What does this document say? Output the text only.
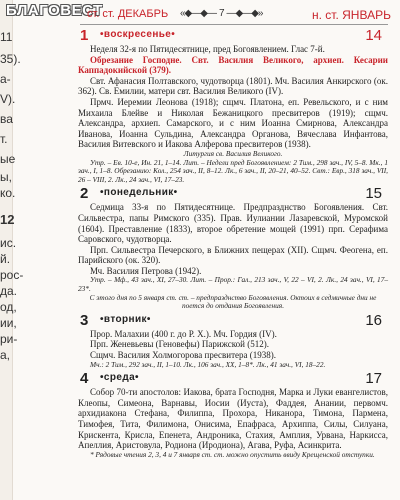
11
35).
а-
V).
ва
т.
ые
ы,
ко.
12
ис.
й.
рос-
да.
од,
ии,
ри-
а,
БЛАГОВЕСТ
ст. ст. ДЕКАБРЬ «◆—◆— 7 —◆—◆»	н. ст. ЯНВАРЬ
1 •воскресенье•	14

Неделя 32-я по Пятидесятнице, пред Богоявлением. Глас 7-й.

Обрезание Господне. Свт. Василия Великого, архиеп. Кесарии Каппадокийской (379).

Свт. Афанасия Полтавского, чудотворца (1801). Мч. Василия Анкирского (ок. 362). Св. Емилии, матери свт. Василия Великого (IV).

Прмч. Иеремии Леонова (1918); сщмч. Платона, еп. Ревельского, и с ним Михаила Блейве и Николая Бежаницкого пресвитеров (1919); сщмч. Александра, архиеп. Самарского, и с ним Иоанна Смирнова, Александра Иванова, Иоанна Сульдина, Александра Органова, Вячеслава Инфантова, Василия Витевского и Иакова Алферова пресвитеров (1938).

Литургия св. Василия Великого.

Утр. – Ев. 10-е, Ин. 21, 1–14. Лит. – Недели пред Богоявлением: 2 Тим., 298 зач., IV, 5–8. Мк., 1 зач., I, 1–8. Обрезанию: Кол., 254 зач., II, 8–12. Лк., 6 зач., II, 20–21, 40–52. Свт.: Евр., 318 зач., VII, 26 – VIII, 2. Лк., 24 зач., VI, 17–23.

2 •понедельник•	15

Седмица 33-я по Пятидесятнице. Предпразднство Богоявления. Свт. Сильвестра, папы Римского (335). Прав. Иулиании Лазаревской, Муромской (1604). Преставление (1833), второе обретение мощей (1991) прп. Серафима Саровского, чудотворца.

Прп. Сильвестра Печерского, в Ближних пещерах (XII). Сщмч. Феогена, еп. Парийского (ок. 320).

Мч. Василия Петрова (1942).

Утр. – Мф., 43 зач., XI, 27–30. Лит. – Прор.: Гал., 213 зач., V, 22 – VI, 2. Лк., 24 зач., VI, 17–23*.

С этого дня по 5 января ст. ст. – предпразднство Богоявления. Октоих в седмичные дни не поется до отдания Богоявления.

3 •вторник•	16

Прор. Малахии (400 г. до Р. Х.). Мч. Гордия (IV).

Прп. Женевьевы (Геновефы) Парижской (512).

Сщмч. Василия Холмогорова пресвитера (1938).

Мч.: 2 Тим., 292 зач., II, 1–10. Лк., 106 зач., XX, 1–8*. Лк., 41 зач., VI, 18–22.

4 •среда•	17

Собор 70-ти апостолов: Иакова, брата Господня, Марка и Луки евангелистов, Клеопы, Симеона, Варнавы, Иосии (Иуста), Фаддея, Анании, первомч. архидиакона Стефана, Филиппа, Прохора, Никанора, Тимона, Пармена, Тимофея, Тита, Филимона, Онисима, Епафраса, Архиппа, Силы, Силуана, Крискента, Крисла, Епенета, Андроника, Стахия, Амплия, Урвана, Наркисса, Апеллия, Аристовула, Родиона (Иродиона), Агава, Руфа, Асинкрита.

* Рядовые чтения 2, 3, 4 и 7 января ст. ст. можно опустить ввиду Крещенской отступки.
